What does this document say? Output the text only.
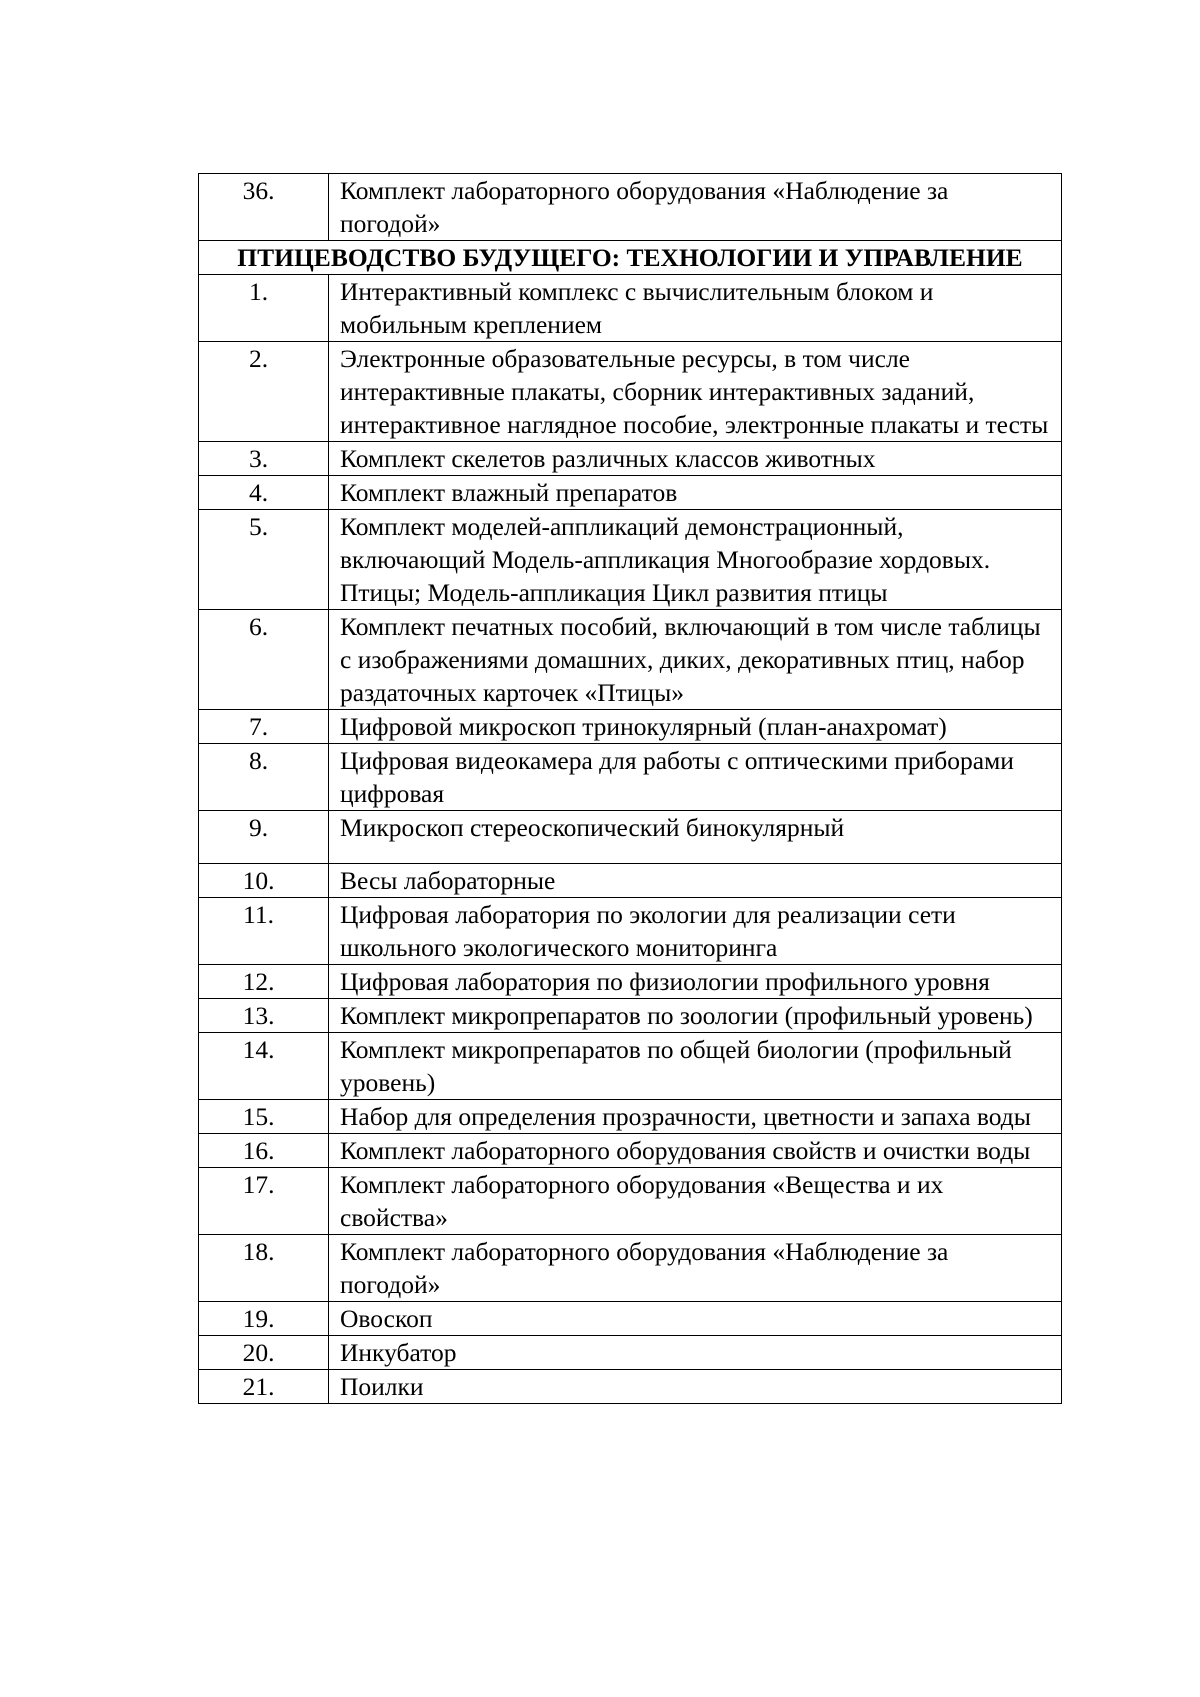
36.	Комплект лабораторного оборудования «Наблюдение за погодой»
ПТИЦЕВОДСТВО БУДУЩЕГО: ТЕХНОЛОГИИ И УПРАВЛЕНИЕ	
1.	Интерактивный комплекс с вычислительным блоком и мобильным креплением
2.	Электронные образовательные ресурсы, в том числе интерактивные плакаты, сборник интерактивных заданий, интерактивное наглядное пособие, электронные плакаты и тесты
3.	Комплект скелетов различных классов животных
4.	Комплект влажный препаратов
5.	Комплект моделей-аппликаций демонстрационный, включающий Модель-аппликация Многообразие хордовых. Птицы; Модель-аппликация Цикл развития птицы
6.	Комплект печатных пособий, включающий в том числе таблицы с изображениями домашних, диких, декоративных птиц, набор раздаточных карточек «Птицы»
7.	Цифровой микроскоп тринокулярный (план-анахромат)
8.	Цифровая видеокамера для работы с оптическими приборами цифровая
9.	Микроскоп стереоскопический бинокулярный
10.	Весы лабораторные
11.	Цифровая лаборатория по экологии для реализации сети школьного экологического мониторинга
12.	Цифровая лаборатория по физиологии профильного уровня
13.	Комплект микропрепаратов по зоологии (профильный уровень)
14.	Комплект микропрепаратов по общей биологии (профильный уровень)
15.	Набор для определения прозрачности, цветности и запаха воды
16.	Комплект лабораторного оборудования свойств и очистки воды
17.	Комплект лабораторного оборудования «Вещества и их свойства»
18.	Комплект лабораторного оборудования «Наблюдение за погодой»
19.	Овоскоп
20.	Инкубатор
21.	Поилки
